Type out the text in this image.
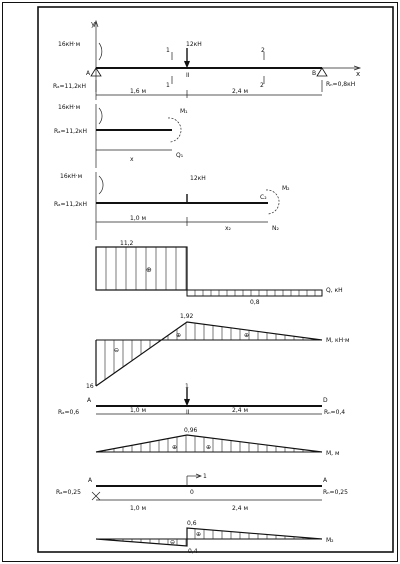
y
x
16кН·м	12кН
1
1
2
2
A	II	B
Rₐ=11,2кН	Rₙ=0,8кН
1,6 м	2,4 м
16кН·м
Rₐ=11,2кН
M₁
Q₁
x
16кН·м
Rₐ=11,2кН
12кН
M₂
C₂
N₂
1,0 м
x₂
11,2
⊕
0,8
Q, кН
1,92
16
⊖
⊕	⊕
M, кН·м
1
A	D
II
Rₐ=0,6	Rₙ=0,4
1,0 м	2,4 м
0,96
⊕	⊕
M, м
1
A	A
0
Rₐ=0,25	Rₙ=0,25
1,0 м	2,4 м
0,6
0,4
⊖
⊕
M₂
